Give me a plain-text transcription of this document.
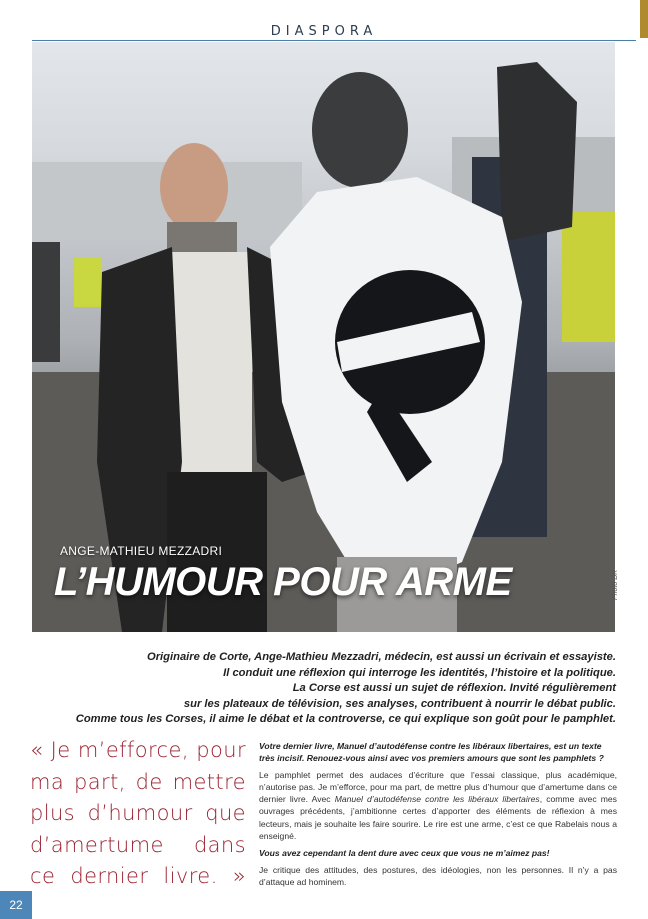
DIASPORA
ANGE-MATHIEU MEZZADRI
L’HUMOUR POUR ARME	Photo DR
Originaire de Corte, Ange-Mathieu Mezzadri, médecin, est aussi un écrivain et essayiste.
Il conduit une réflexion qui interroge les identités, l’histoire et la politique.
La Corse est aussi un sujet de réflexion. Invité régulièrement
sur les plateaux de télévision, ses analyses, contribuent à nourrir le débat public.
Comme tous les Corses, il aime le débat et la controverse, ce qui explique son goût pour le pamphlet.
« Je m’efforce, pour
ma part, de mettre
plus d’humour que
d’amertume dans
ce dernier livre. »

Votre dernier livre, Manuel d’autodéfense contre les libéraux libertaires, est un texte très incisif. Renouez-vous ainsi avec vos premiers amours que sont les pamphlets ?

Le pamphlet permet des audaces d’écriture que l’essai classique, plus académique, n’autorise pas. Je m’efforce, pour ma part, de mettre plus d’humour que d’amertume dans ce dernier livre. Avec Manuel d’autodéfense contre les libéraux libertaires, comme avec mes ouvrages précédents, j’ambitionne certes d’apporter des éléments de réflexion à mes lecteurs, mais je souhaite les faire sourire. Le rire est une arme, c’est ce que Rabelais nous a enseigné.

Vous avez cependant la dent dure avec ceux que vous ne m’aimez pas!

Je critique des attitudes, des postures, des idéologies, non les personnes. Il n’y a pas d’attaque ad hominem.

22
